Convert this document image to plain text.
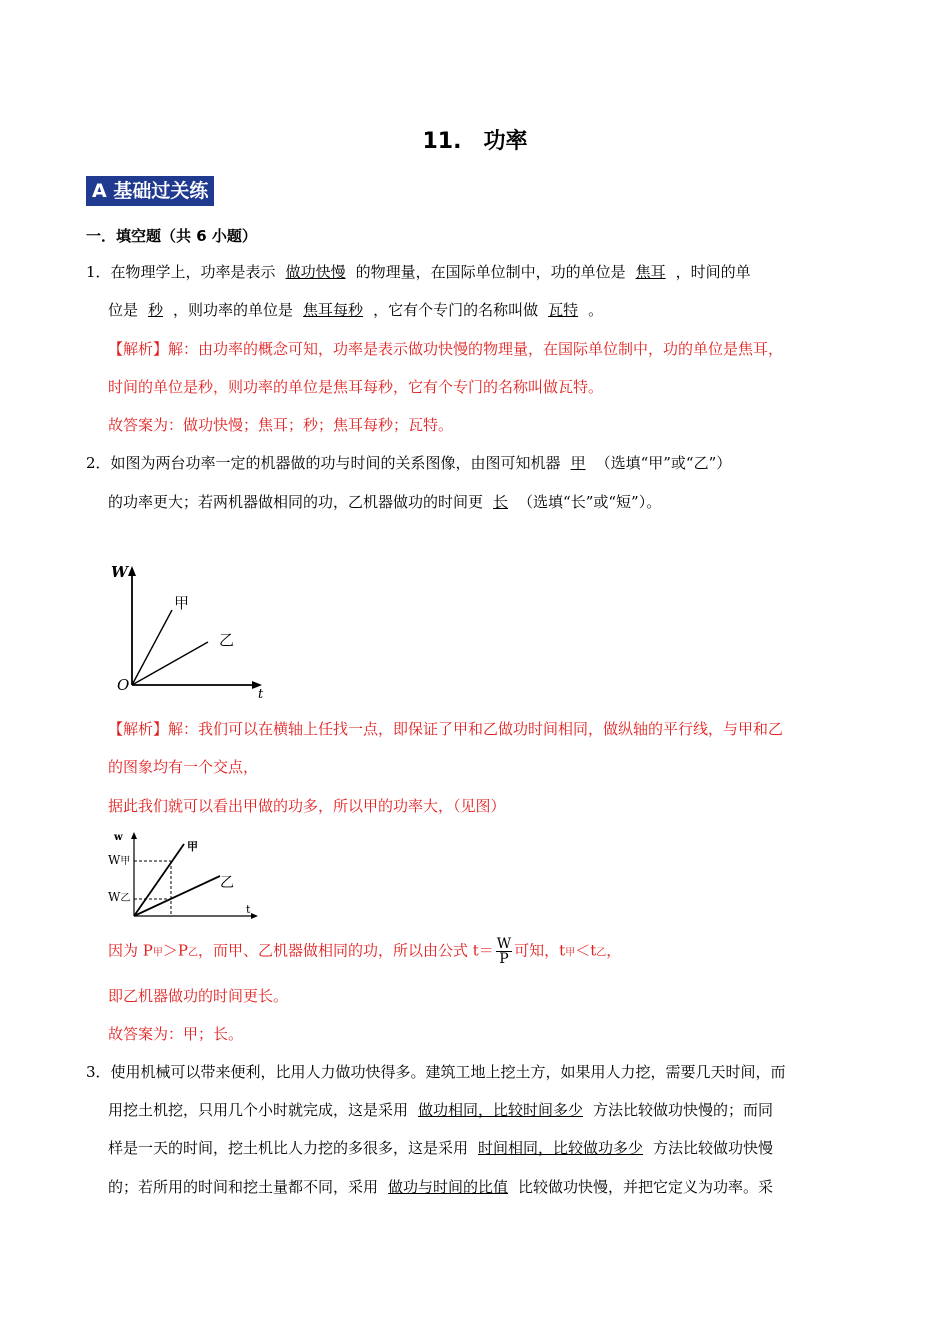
11.　功率
A 基础过关练
一．填空题（共 6 小题）
1．在物理学上，功率是表示 做功快慢 的物理量，在国际单位制中，功的单位是 焦耳 ，时间的单
位是 秒 ，则功率的单位是 焦耳每秒 ，它有个专门的名称叫做 瓦特 。
【解析】解：由功率的概念可知，功率是表示做功快慢的物理量，在国际单位制中，功的单位是焦耳，
时间的单位是秒，则功率的单位是焦耳每秒，它有个专门的名称叫做瓦特。
故答案为：做功快慢；焦耳；秒；焦耳每秒；瓦特。
2．如图为两台功率一定的机器做的功与时间的关系图像，由图可知机器 甲 （选填“甲”或“乙”）
的功率更大；若两机器做相同的功，乙机器做功的时间更 长 （选填“长”或“短”）。
W
t
O
甲
乙
【解析】解：我们可以在横轴上任找一点，即保证了甲和乙做功时间相同，做纵轴的平行线，与甲和乙
的图象均有一个交点，
据此我们就可以看出甲做的功多，所以甲的功率大，（见图）
w
t
甲
乙
W甲
W乙
因为 P甲＞P乙，而甲、乙机器做相同的功，所以由公式 $t= \frac{W}{P}$ 可知，t甲＜t乙，
即乙机器做功的时间更长。
故答案为：甲；长。
3．使用机械可以带来便利，比用人力做功快得多。建筑工地上挖土方，如果用人力挖，需要几天时间，而
用挖土机挖，只用几个小时就完成，这是采用 做功相同，比较时间多少 方法比较做功快慢的；而同
样是一天的时间，挖土机比人力挖的多很多，这是采用 时间相同，比较做功多少 方法比较做功快慢
的；若所用的时间和挖土量都不同，采用 做功与时间的比值 比较做功快慢，并把它定义为功率。采
